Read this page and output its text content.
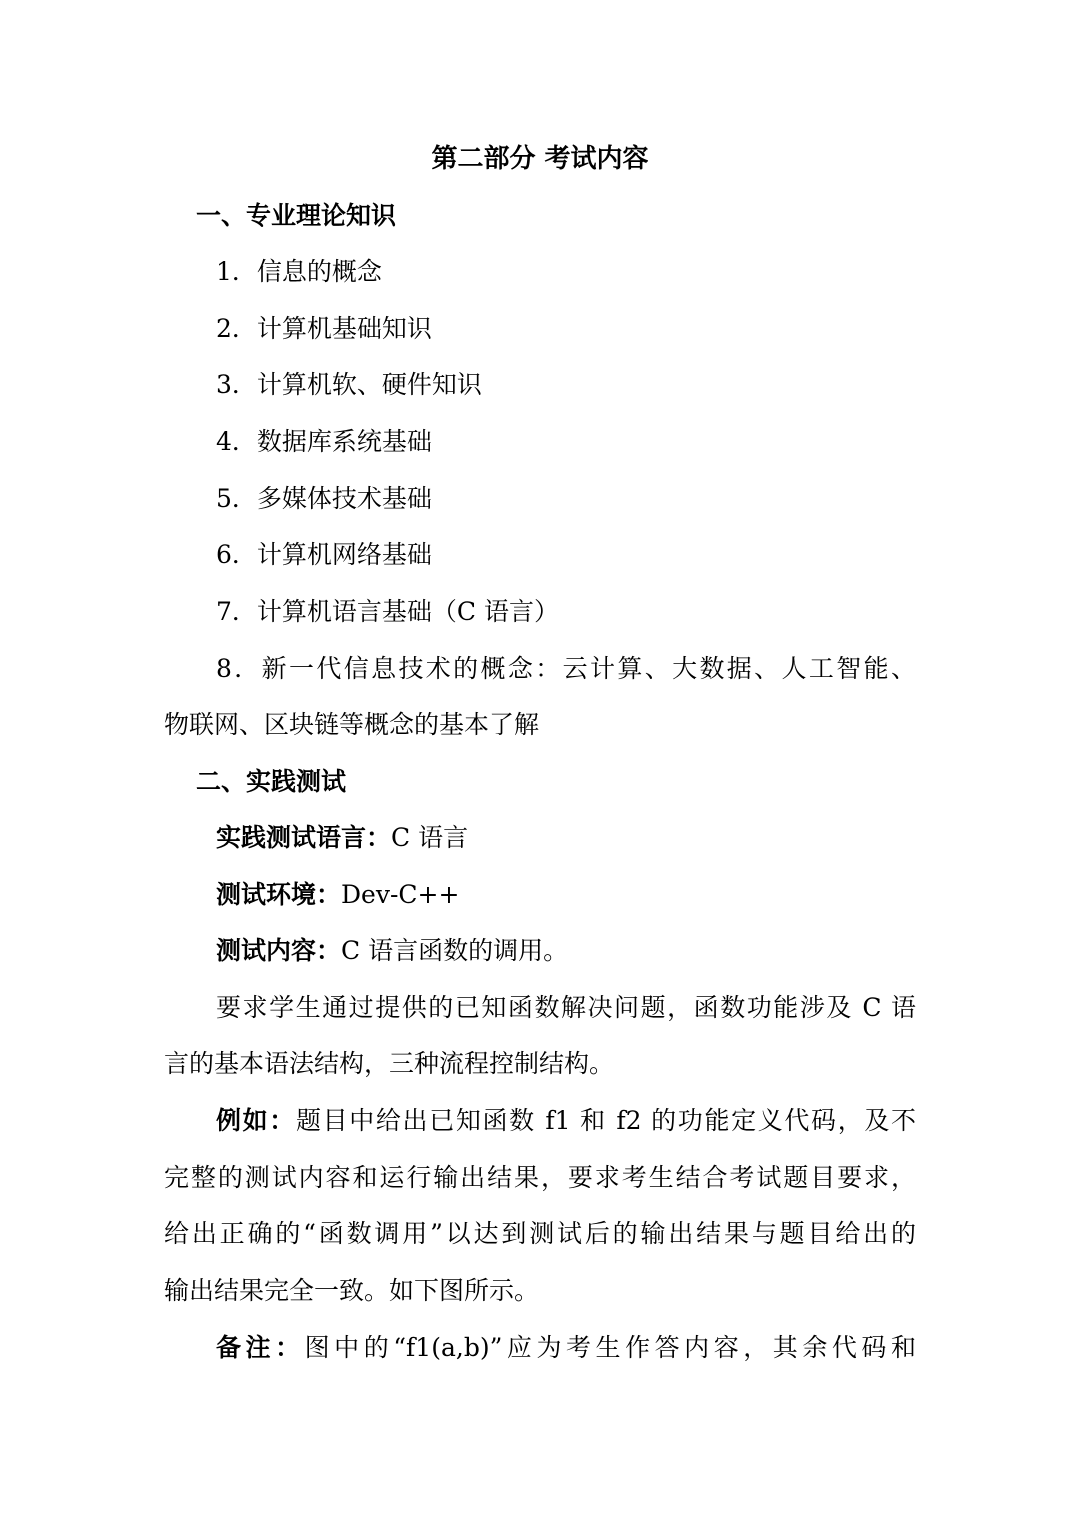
第二部分 考试内容
一、专业理论知识
1．信息的概念
2．计算机基础知识
3．计算机软、硬件知识
4．数据库系统基础
5．多媒体技术基础
6．计算机网络基础
7．计算机语言基础（C 语言）
8．新一代信息技术的概念：云计算、大数据、人工智能、
物联网、区块链等概念的基本了解
二、实践测试
实践测试语言：C 语言
测试环境：Dev-C++
测试内容：C 语言函数的调用。
要求学生通过提供的已知函数解决问题，函数功能涉及 C 语
言的基本语法结构，三种流程控制结构。
例如：题目中给出已知函数 f1 和 f2 的功能定义代码，及不
完整的测试内容和运行输出结果，要求考生结合考试题目要求，
给出正确的“函数调用”以达到测试后的输出结果与题目给出的
输出结果完全一致。如下图所示。
备注：图中的“f1(a,b)”应为考生作答内容，其余代码和
